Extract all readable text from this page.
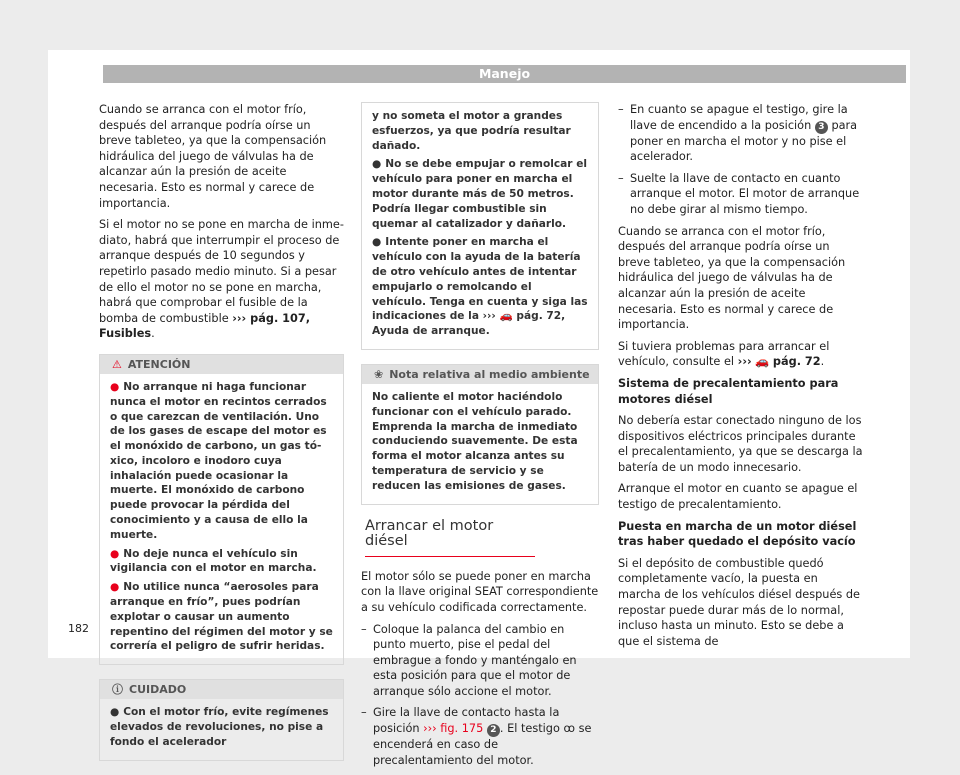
Manejo

Cuando se arranca con el motor frío, después del arranque podría oírse un breve tableteo, ya que la compensación hidráulica del juego de válvulas ha de alcanzar aún la presión de aceite necesaria. Esto es normal y carece de importancia.

Si el motor no se pone en marcha de inmediato, habrá que interrumpir el proceso de arranque después de 10 segundos y repetirlo pasado medio minuto. Si a pesar de ello el motor no se pone en marcha, habrá que comprobar el fusible de la bomba de combustible ››› pág. 107, Fusibles.

⚠ ATENCIÓN

● No arranque ni haga funcionar nunca el motor en recintos cerrados o que carezcan de ventilación. Uno de los gases de escape del motor es el monóxido de carbono, un gas tóxico, incoloro e inodoro cuya inhalación puede ocasionar la muerte. El monóxido de carbono puede provocar la pérdida del conocimiento y a causa de ello la muerte.

● No deje nunca el vehículo sin vigilancia con el motor en marcha.

● No utilice nunca “aerosoles para arranque en frío”, pues podrían explotar o causar un aumento repentino del régimen del motor y se correría el peligro de sufrir heridas.

ⓘ CUIDADO

● Con el motor frío, evite regímenes elevados de revoluciones, no pise a fondo el acelerador

y no someta el motor a grandes esfuerzos, ya que podría resultar dañado.

● No se debe empujar o remolcar el vehículo para poner en marcha el motor durante más de 50 metros. Podría llegar combustible sin quemar al catalizador y dañarlo.

● Intente poner en marcha el vehículo con la ayuda de la batería de otro vehículo antes de intentar empujarlo o remolcando el vehículo. Tenga en cuenta y siga las indicaciones de la ››› 🚗 pág. 72, Ayuda de arranque.

❀ Nota relativa al medio ambiente

No caliente el motor haciéndolo funcionar con el vehículo parado. Emprenda la marcha de inmediato conduciendo suavemente. De esta forma el motor alcanza antes su temperatura de servicio y se reducen las emisiones de gases.

Arrancar el motor diésel

El motor sólo se puede poner en marcha con la llave original SEAT correspondiente a su vehículo codificada correctamente.

– Coloque la palanca del cambio en punto muerto, pise el pedal del embrague a fondo y manténgalo en esta posición para que el motor de arranque sólo accione el motor.
– Gire la llave de contacto hasta la posición ››› fig. 175 2 . El testigo ꝏ se encenderá en caso de precalentamiento del motor.
– En cuanto se apague el testigo, gire la llave de encendido a la posición 3 para poner en marcha el motor y no pise el acelerador.
– Suelte la llave de contacto en cuanto arranque el motor. El motor de arranque no debe girar al mismo tiempo.

Cuando se arranca con el motor frío, después del arranque podría oírse un breve tableteo, ya que la compensación hidráulica del juego de válvulas ha de alcanzar aún la presión de aceite necesaria. Esto es normal y carece de importancia.

Si tuviera problemas para arrancar el vehículo, consulte el ››› 🚗 pág. 72.

Sistema de precalentamiento para motores diésel

No debería estar conectado ninguno de los dispositivos eléctricos principales durante el precalentamiento, ya que se descarga la batería de un modo innecesario.

Arranque el motor en cuanto se apague el testigo de precalentamiento.

Puesta en marcha de un motor diésel tras haber quedado el depósito vacío

Si el depósito de combustible quedó completamente vacío, la puesta en marcha de los vehículos diésel después de repostar puede durar más de lo normal, incluso hasta un minuto. Esto se debe a que el sistema de

182
